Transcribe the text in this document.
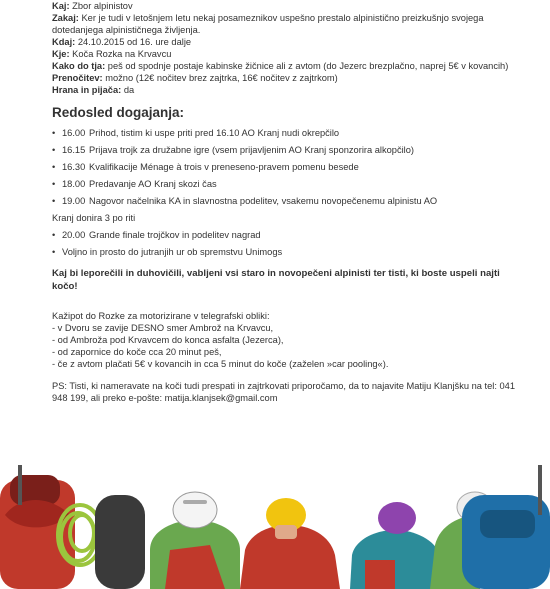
Kaj: Zbor alpinistov

Zakaj: Ker je tudi v letošnjem letu nekaj posameznikov uspešno prestalo alpinistično preizkušnjo svojega dotedanjega alpinističnega življenja.

Kdaj: 24.10.2015 od 16. ure dalje

Kje: Koča Rozka na Krvavcu

Kako do tja: peš od spodnje postaje kabinske žičnice ali z avtom (do Jezerc brezplačno, naprej 5€ v kovancih)

Prenočitev: možno (12€ nočitev brez zajtrka, 16€ nočitev z zajtrkom)

Hrana in pijača: da

Redosled dogajanja:
• 16.00 Prihod, tistim ki uspe priti pred 16.10 AO Kranj nudi okrepčilo
• 16.15 Prijava trojk za družabne igre (vsem prijavljenim AO Kranj sponzorira alkopčilo)
• 16.30 Kvalifikacije Ménage à trois v preneseno-pravem pomenu besede
• 18.00 Predavanje AO Kranj skozi čas
• 19.00 Nagovor načelnika KA in slavnostna podelitev, vsakemu novopečenemu alpinistu AO
Kranj donira 3 po riti
• 20.00 Grande finale trojčkov in podelitev nagrad
• Voljno in prosto do jutranjih ur ob spremstvu Unimogs

Kaj bi leporečili in duhovičili, vabljeni vsi staro in novopečeni alpinisti ter tisti, ki boste uspeli najti kočo!

Kažipot do Rozke za motorizirane v telegrafski obliki:

- v Dvoru se zavije DESNO smer Ambrož na Krvavcu,

- od Ambroža pod Krvavcem do konca asfalta (Jezerca),

- od zapornice do koče cca 20 minut peš,

- če z avtom plačati 5€ v kovancih in cca 5 minut do koče (zaželen »car pooling«).

PS: Tisti, ki nameravate na koči tudi prespati in zajtrkovati priporočamo, da to najavite Matiju Klanjšku na tel: 041 948 199, ali preko e-pošte: matija.klanjsek@gmail.com
